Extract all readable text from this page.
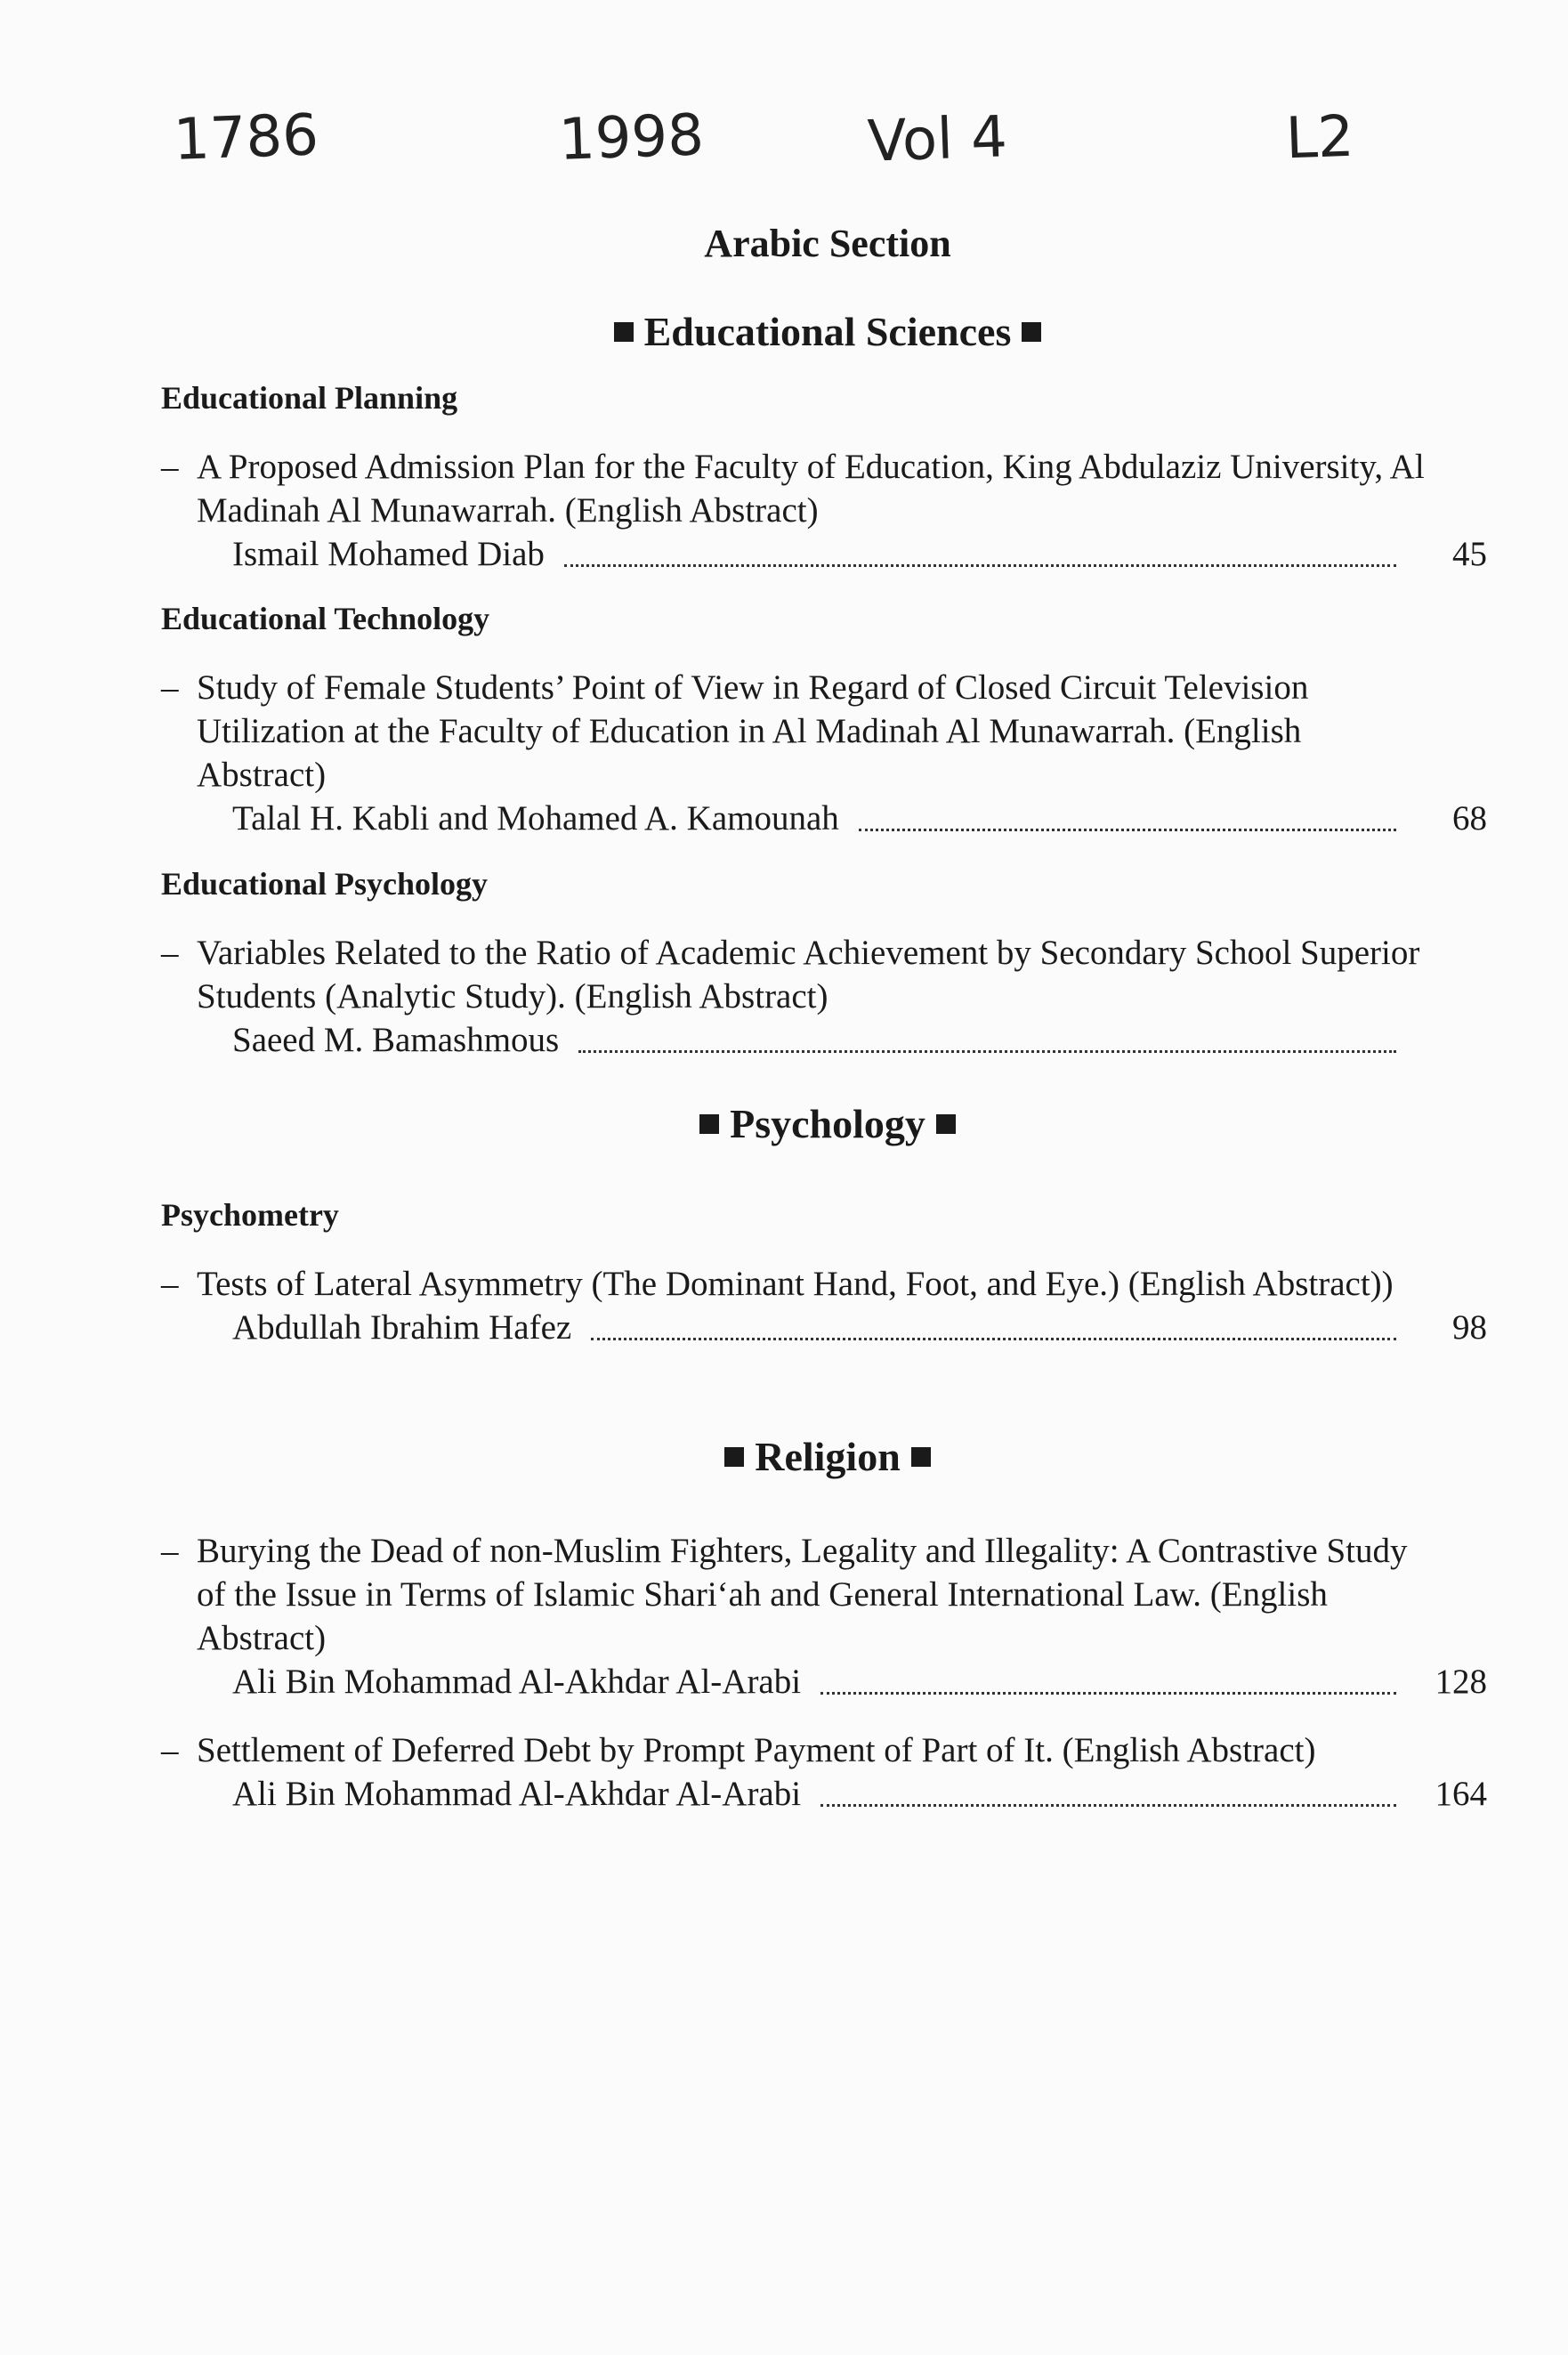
1786	1998	Vol 4	L2
Arabic Section
Educational Sciences
Educational Planning
– A Proposed Admission Plan for the Faculty of Education, King Abdulaziz University, Al Madinah Al Munawarrah. (English Abstract)
Ismail Mohamed Diab	45
Educational Technology
– Study of Female Students’ Point of View in Regard of Closed Circuit Television Utilization at the Faculty of Education in Al Madinah Al Munawarrah. (English Abstract)
Talal H. Kabli and Mohamed A. Kamounah	68
Educational Psychology
– Variables Related to the Ratio of Academic Achievement by Secondary School Superior Students (Analytic Study). (English Abstract)
Saeed M. Bamashmous
Psychology
Psychometry
– Tests of Lateral Asymmetry (The Dominant Hand, Foot, and Eye.) (English Abstract))
Abdullah Ibrahim Hafez	98
Religion
– Burying the Dead of non-Muslim Fighters, Legality and Illegality: A Contrastive Study of the Issue in Terms of Islamic Shari‘ah and General International Law. (English Abstract)
Ali Bin Mohammad Al-Akhdar Al-Arabi	128
– Settlement of Deferred Debt by Prompt Payment of Part of It. (English Abstract)
Ali Bin Mohammad Al-Akhdar Al-Arabi	164
